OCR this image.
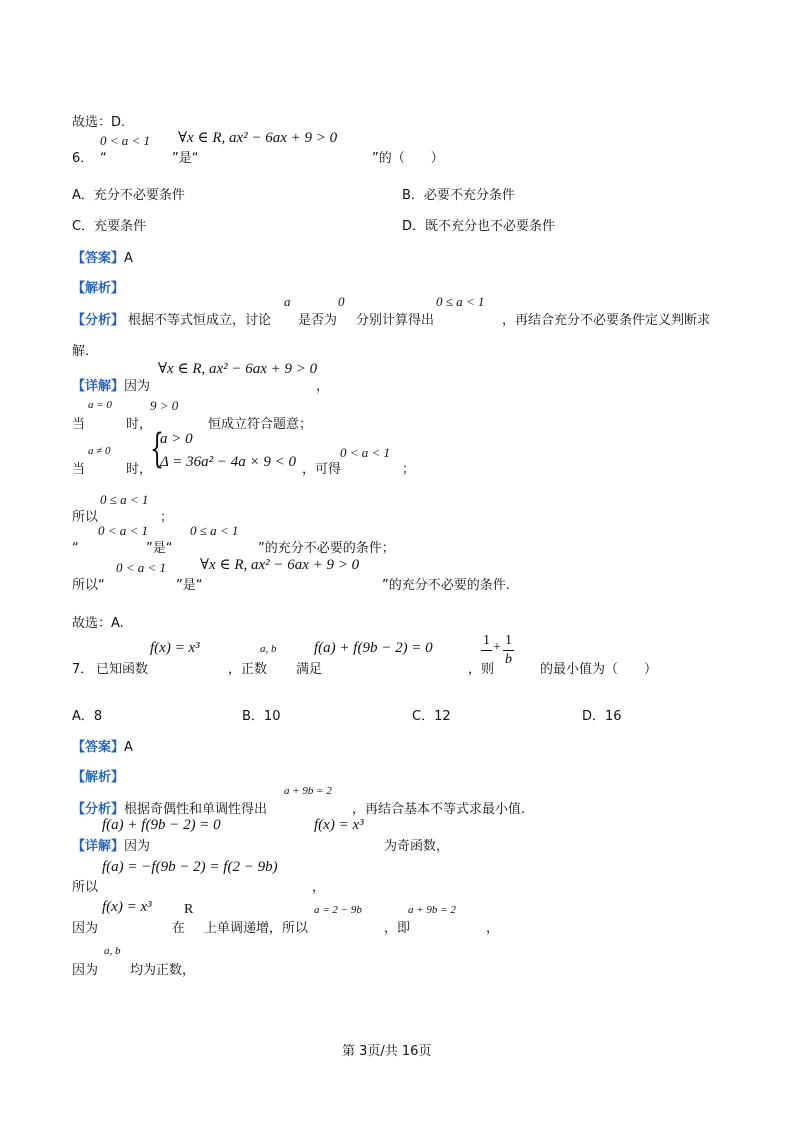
故选：D.
0 < a < 1 ∀x ∈ R, ax² − 6ax + 9 > 0
6． “	”是“	”的（　　）
A．充分不必要条件	B．必要不充分条件
C．充要条件	D．既不充分也不必要条件
【答案】A
【解析】
a	0	0 ≤ a < 1
【分析】 根据不等式恒成立，讨论 是否为 分别计算得出	，再结合充分不必要条件定义判断求
解.
∀x ∈ R, ax² − 6ax + 9 > 0
【详解】因为	，
a = 0	9 > 0
当	时，	恒成立符合题意；
a ≠ 0 {
a > 0
Δ = 36a² − 4a × 9 < 0
0 < a < 1
当	时，	，可得	；
0 ≤ a < 1
所以	；
0 < a < 1	0 ≤ a < 1
“	”是“	”的充分不必要的条件；
0 < a < 1 ∀x ∈ R, ax² − 6ax + 9 > 0
所以“	”是“	”的充分不必要的条件.
故选：A.
f(x) = x³	a, b	f(a) + f(9b − 2) = 0	1
+ 1
b
7． 已知函数	，正数 满足	，则	的最小值为（　　）
A．8	B．10	C．12	D．16
【答案】A
【解析】
a + 9b = 2
【分析】根据奇偶性和单调性得出	，再结合基本不等式求最小值.
f(a) + f(9b − 2) = 0	f(x) = x³
【详解】因为	为奇函数，
f(a) = −f(9b − 2) = f(2 − 9b)
所以	，
f(x) = x³ R	a = 2 − 9b	a + 9b = 2
因为	在 上单调递增，所以	，即	，
a, b
因为 均为正数，
第 3页/共 16页
